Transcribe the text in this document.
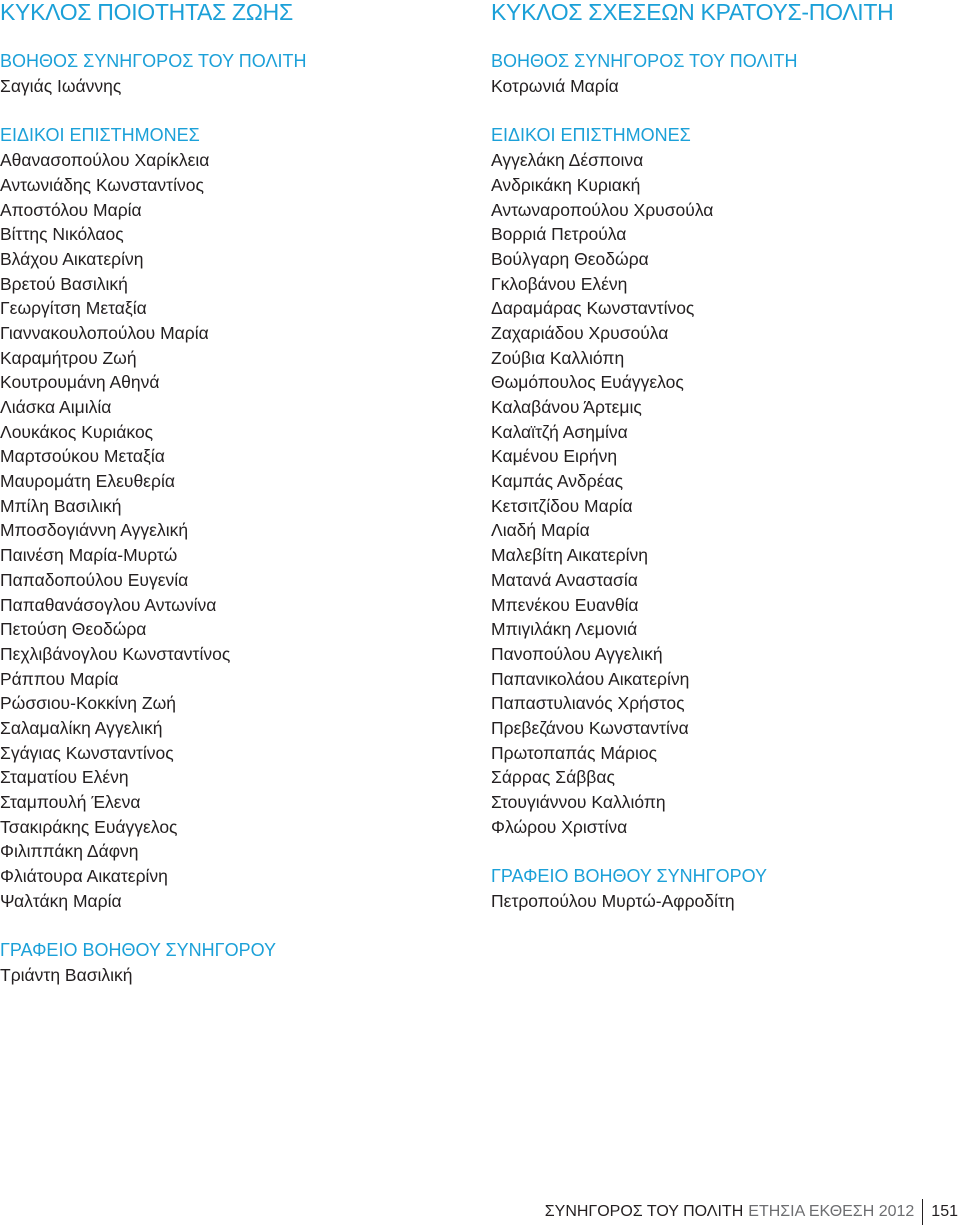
ΚΥΚΛΟΣ ΠΟΙΟΤΗΤΑΣ ΖΩΗΣ
ΒΟΗΘΟΣ ΣΥΝΗΓΟΡΟΣ ΤΟΥ ΠΟΛΙΤΗ
Σαγιάς Ιωάννης
ΕΙΔΙΚΟΙ ΕΠΙΣΤΗΜΟΝΕΣ
Αθανασοπούλου Χαρίκλεια
Αντωνιάδης Κωνσταντίνος
Αποστόλου Μαρία
Βίττης Νικόλαος
Βλάχου Αικατερίνη
Βρετού Βασιλική
Γεωργίτση Μεταξία
Γιαννακουλοπούλου Μαρία
Καραμήτρου Ζωή
Κουτρουμάνη Αθηνά
Λιάσκα Αιμιλία
Λουκάκος Κυριάκος
Μαρτσούκου Μεταξία
Μαυρομάτη Ελευθερία
Μπίλη Βασιλική
Μποσδογιάννη Αγγελική
Παινέση Μαρία-Μυρτώ
Παπαδοπούλου Ευγενία
Παπαθανάσογλου Αντωνίνα
Πετούση Θεοδώρα
Πεχλιβάνογλου Κωνσταντίνος
Ράππου Μαρία
Ρώσσιου-Κοκκίνη Ζωή
Σαλαμαλίκη Αγγελική
Σγάγιας Κωνσταντίνος
Σταματίου Ελένη
Σταμπουλή Έλενα
Τσακιράκης Ευάγγελος
Φιλιππάκη Δάφνη
Φλιάτουρα Αικατερίνη
Ψαλτάκη Μαρία
ΓΡΑΦΕΙΟ ΒΟΗΘΟΥ ΣΥΝΗΓΟΡΟΥ
Τριάντη Βασιλική
ΚΥΚΛΟΣ ΣΧΕΣΕΩΝ ΚΡΑΤΟΥΣ-ΠΟΛΙΤΗ
ΒΟΗΘΟΣ ΣΥΝΗΓΟΡΟΣ ΤΟΥ ΠΟΛΙΤΗ
Κοτρωνιά Μαρία
ΕΙΔΙΚΟΙ ΕΠΙΣΤΗΜΟΝΕΣ
Αγγελάκη Δέσποινα
Ανδρικάκη Κυριακή
Αντωναροπούλου Χρυσούλα
Βορριά Πετρούλα
Βούλγαρη Θεοδώρα
Γκλοβάνου Ελένη
Δαραμάρας Κωνσταντίνος
Ζαχαριάδου Χρυσούλα
Ζούβια Καλλιόπη
Θωμόπουλος Ευάγγελος
Καλαβάνου Άρτεμις
Καλαϊτζή Ασημίνα
Καμένου Ειρήνη
Καμπάς Ανδρέας
Κετσιτζίδου Μαρία
Λιαδή Μαρία
Μαλεβίτη Αικατερίνη
Ματανά Αναστασία
Μπενέκου Ευανθία
Μπιγιλάκη Λεμονιά
Πανοπούλου Αγγελική
Παπανικολάου Αικατερίνη
Παπαστυλιανός Χρήστος
Πρεβεζάνου Κωνσταντίνα
Πρωτοπαπάς Μάριος
Σάρρας Σάββας
Στουγιάννου Καλλιόπη
Φλώρου Χριστίνα
ΓΡΑΦΕΙΟ ΒΟΗΘΟΥ ΣΥΝΗΓΟΡΟΥ
Πετροπούλου Μυρτώ-Αφροδίτη
ΣΥΝΗΓΟΡΟΣ ΤΟΥ ΠΟΛΙΤΗ ΕΤΗΣΙΑ ΕΚΘΕΣΗ 2012 151
